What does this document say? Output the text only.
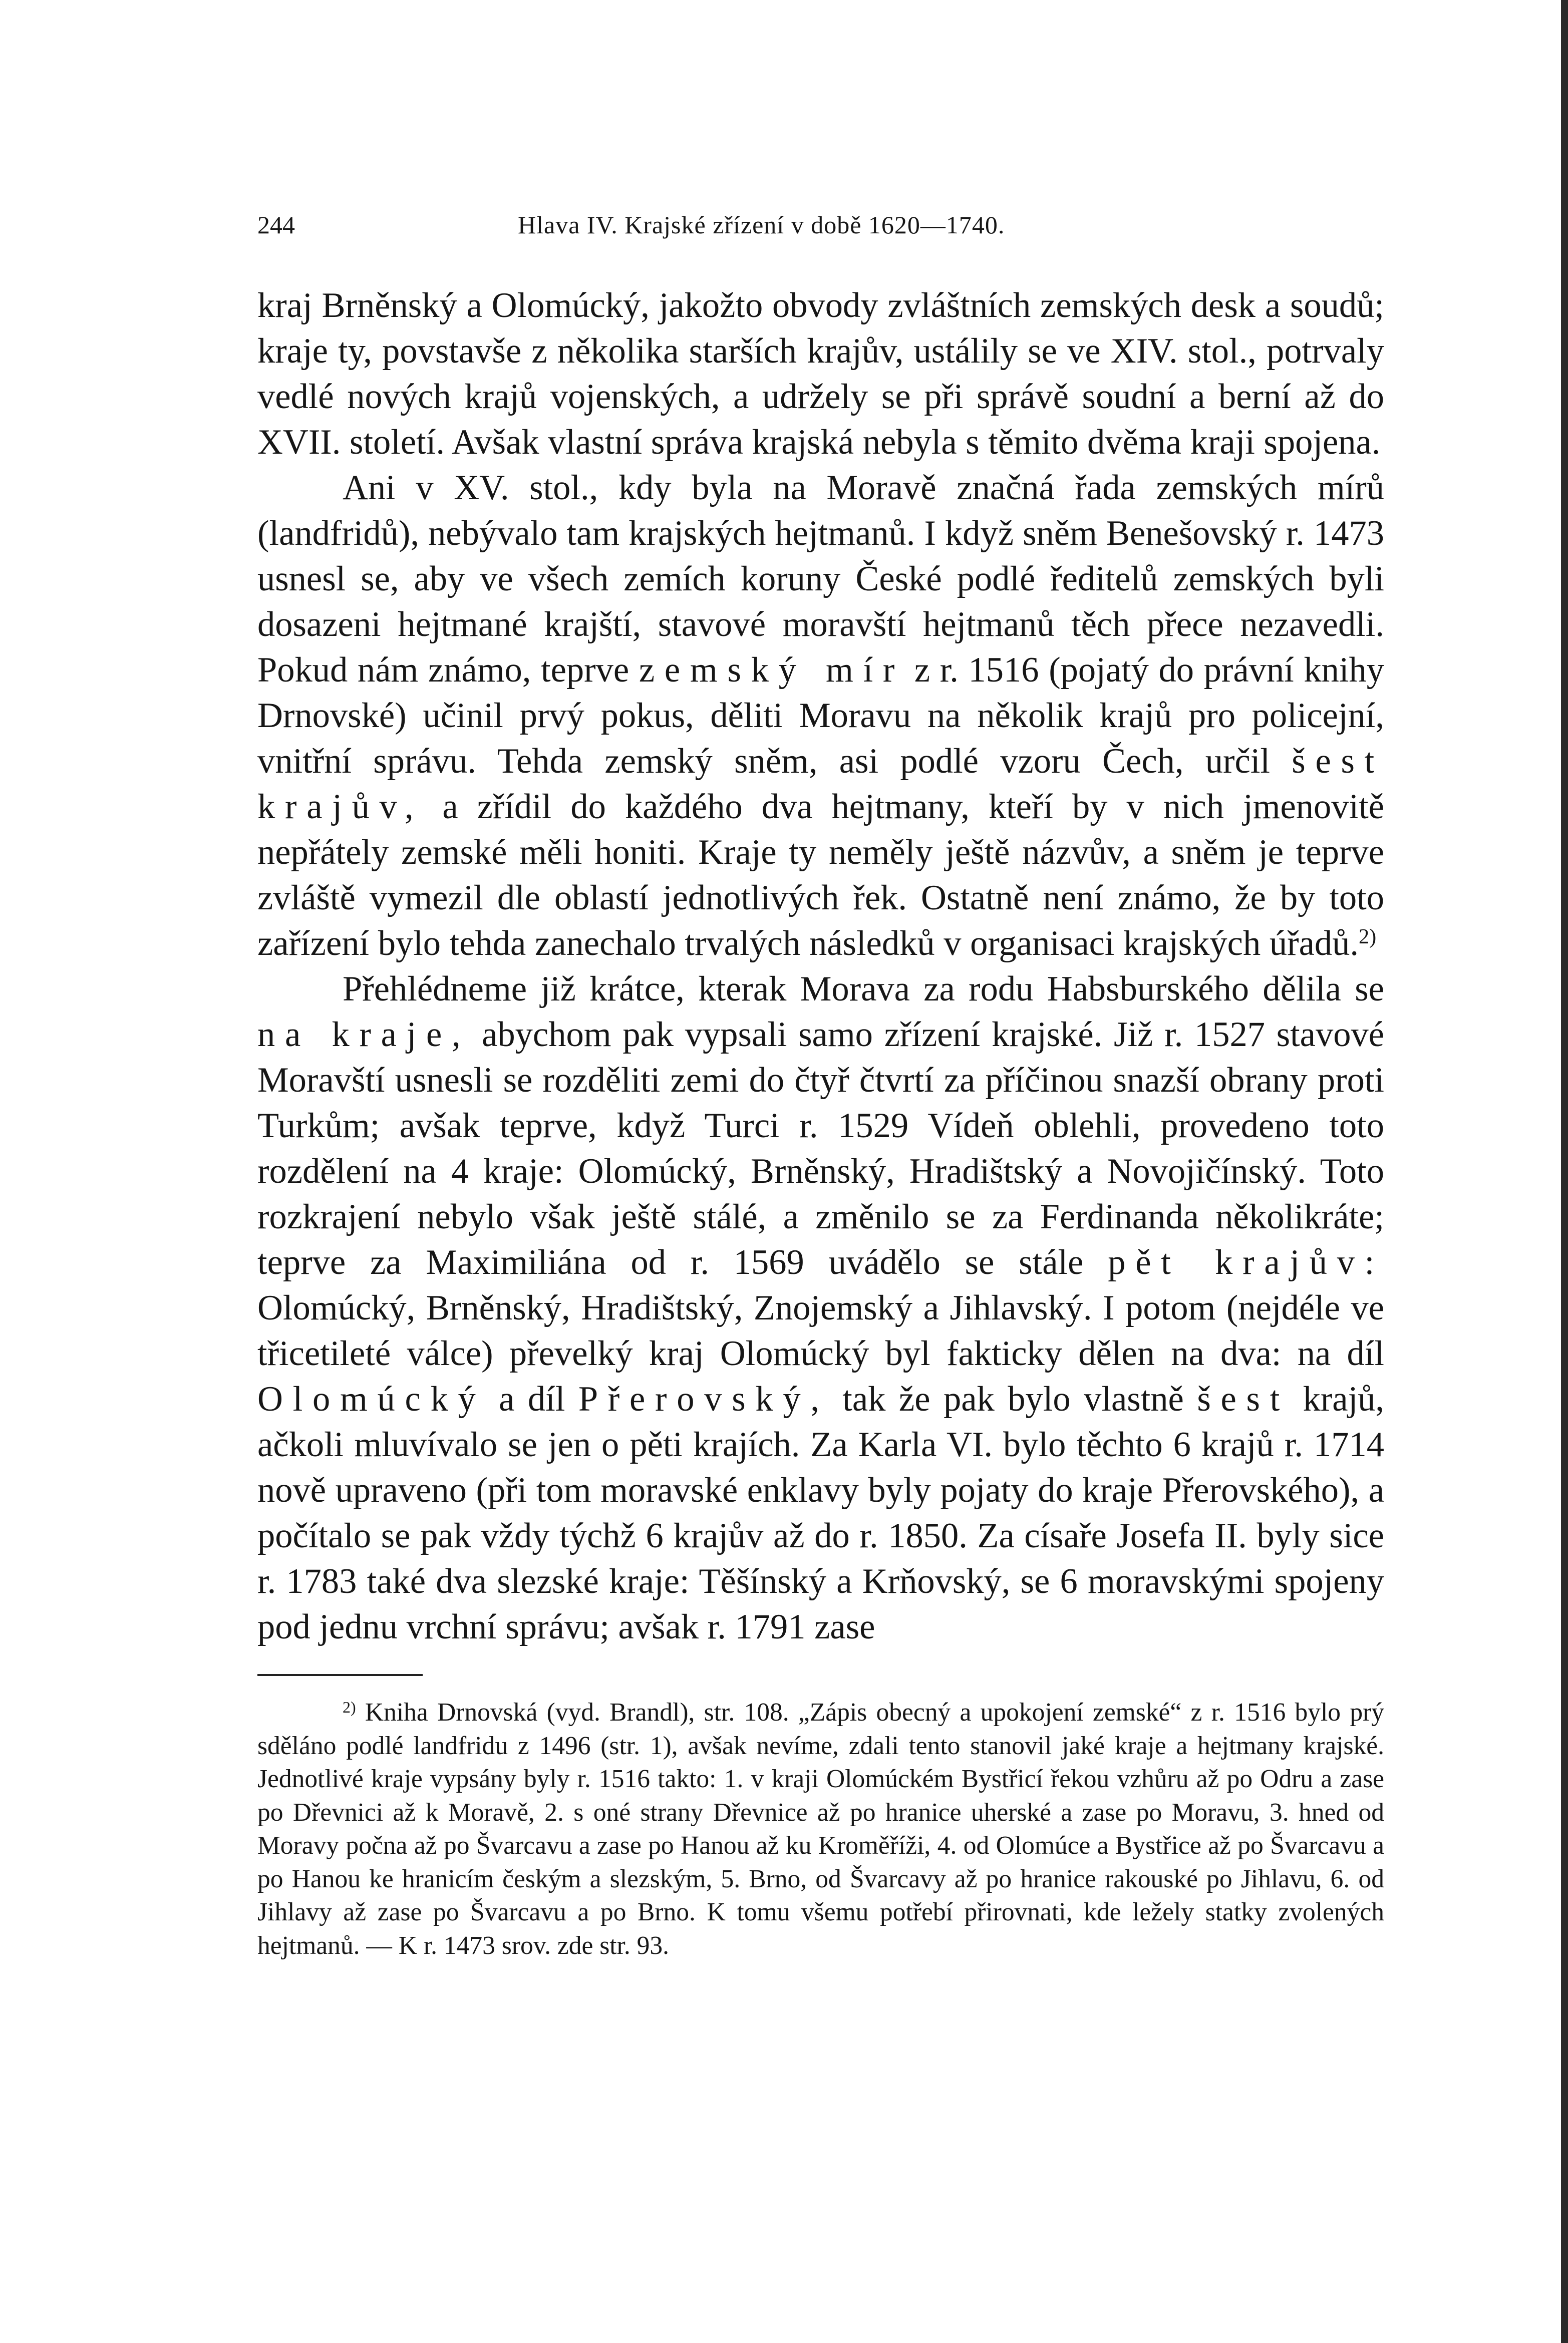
244	Hlava IV. Krajské zřízení v době 1620—1740.

kraj Brněnský a Olomúcký, jakožto obvody zvláštních zemských desk a soudů; kraje ty, povstavše z několika starších krajův, ustálily se ve XIV. stol., potrvaly vedlé nových krajů vojenských, a udržely se při správě soudní a berní až do XVII. století. Avšak vlastní správa krajská nebyla s těmito dvěma kraji spojena.

Ani v XV. stol., kdy byla na Moravě značná řada zemských mírů (landfridů), nebývalo tam krajských hejtmanů. I když sněm Benešovský r. 1473 usnesl se, aby ve všech zemích koruny České podlé ředitelů zemských byli dosazeni hejtmané krajští, stavové moravští hejtmanů těch přece nezavedli. Pokud nám známo, teprve zemský mír z r. 1516 (pojatý do právní knihy Drnovské) učinil prvý pokus, děliti Moravu na několik krajů pro policejní, vnitřní správu. Tehda zemský sněm, asi podlé vzoru Čech, určil šest krajův, a zřídil do každého dva hejtmany, kteří by v nich jmenovitě nepřátely zemské měli honiti. Kraje ty neměly ještě názvův, a sněm je teprve zvláště vymezil dle oblastí jednotlivých řek. Ostatně není známo, že by toto zařízení bylo tehda zanechalo trvalých následků v organisaci krajských úřadů.$^{2)}$

Přehlédneme již krátce, kterak Morava za rodu Habsburského dělila se na kraje, abychom pak vypsali samo zřízení krajské. Již r. 1527 stavové Moravští usnesli se rozděliti zemi do čtyř čtvrtí za příčinou snazší obrany proti Turkům; avšak teprve, když Turci r. 1529 Vídeň oblehli, provedeno toto rozdělení na 4 kraje: Olomúcký, Brněnský, Hradištský a Novojičínský. Toto rozkrajení nebylo však ještě stálé, a změnilo se za Ferdinanda několikráte; teprve za Maximiliána od r. 1569 uvádělo se stále pět krajův: Olomúcký, Brněnský, Hradištský, Znojemský a Jihlavský. I potom (nejdéle ve třicetileté válce) převelký kraj Olomúcký byl fakticky dělen na dva: na díl Olomúcký a díl Přerovský, tak že pak bylo vlastně šest krajů, ačkoli mluvívalo se jen o pěti krajích. Za Karla VI. bylo těchto 6 krajů r. 1714 nově upraveno (při tom moravské enklavy byly pojaty do kraje Přerovského), a počítalo se pak vždy týchž 6 krajův až do r. 1850. Za císaře Josefa II. byly sice r. 1783 také dva slezské kraje: Těšínský a Krňovský, se 6 moravskými spojeny pod jednu vrchní správu; avšak r. 1791 zase

$^{2)}$ Kniha Drnovská (vyd. Brandl), str. 108. „Zápis obecný a upokojení zemské“ z r. 1516 bylo prý sděláno podlé landfridu z 1496 (str. 1), avšak nevíme, zdali tento stanovil jaké kraje a hejtmany krajské. Jednotlivé kraje vypsány byly r. 1516 takto: 1. v kraji Olomúckém Bystřicí řekou vzhůru až po Odru a zase po Dřevnici až k Moravě, 2. s oné strany Dřevnice až po hranice uherské a zase po Moravu, 3. hned od Moravy počna až po Švarcavu a zase po Hanou až ku Kroměříži, 4. od Olomúce a Bystřice až po Švarcavu a po Hanou ke hranicím českým a slezským, 5. Brno, od Švarcavy až po hranice rakouské po Jihlavu, 6. od Jihlavy až zase po Švarcavu a po Brno. K tomu všemu potřebí přirovnati, kde ležely statky zvolených hejtmanů. — K r. 1473 srov. zde str. 93.
